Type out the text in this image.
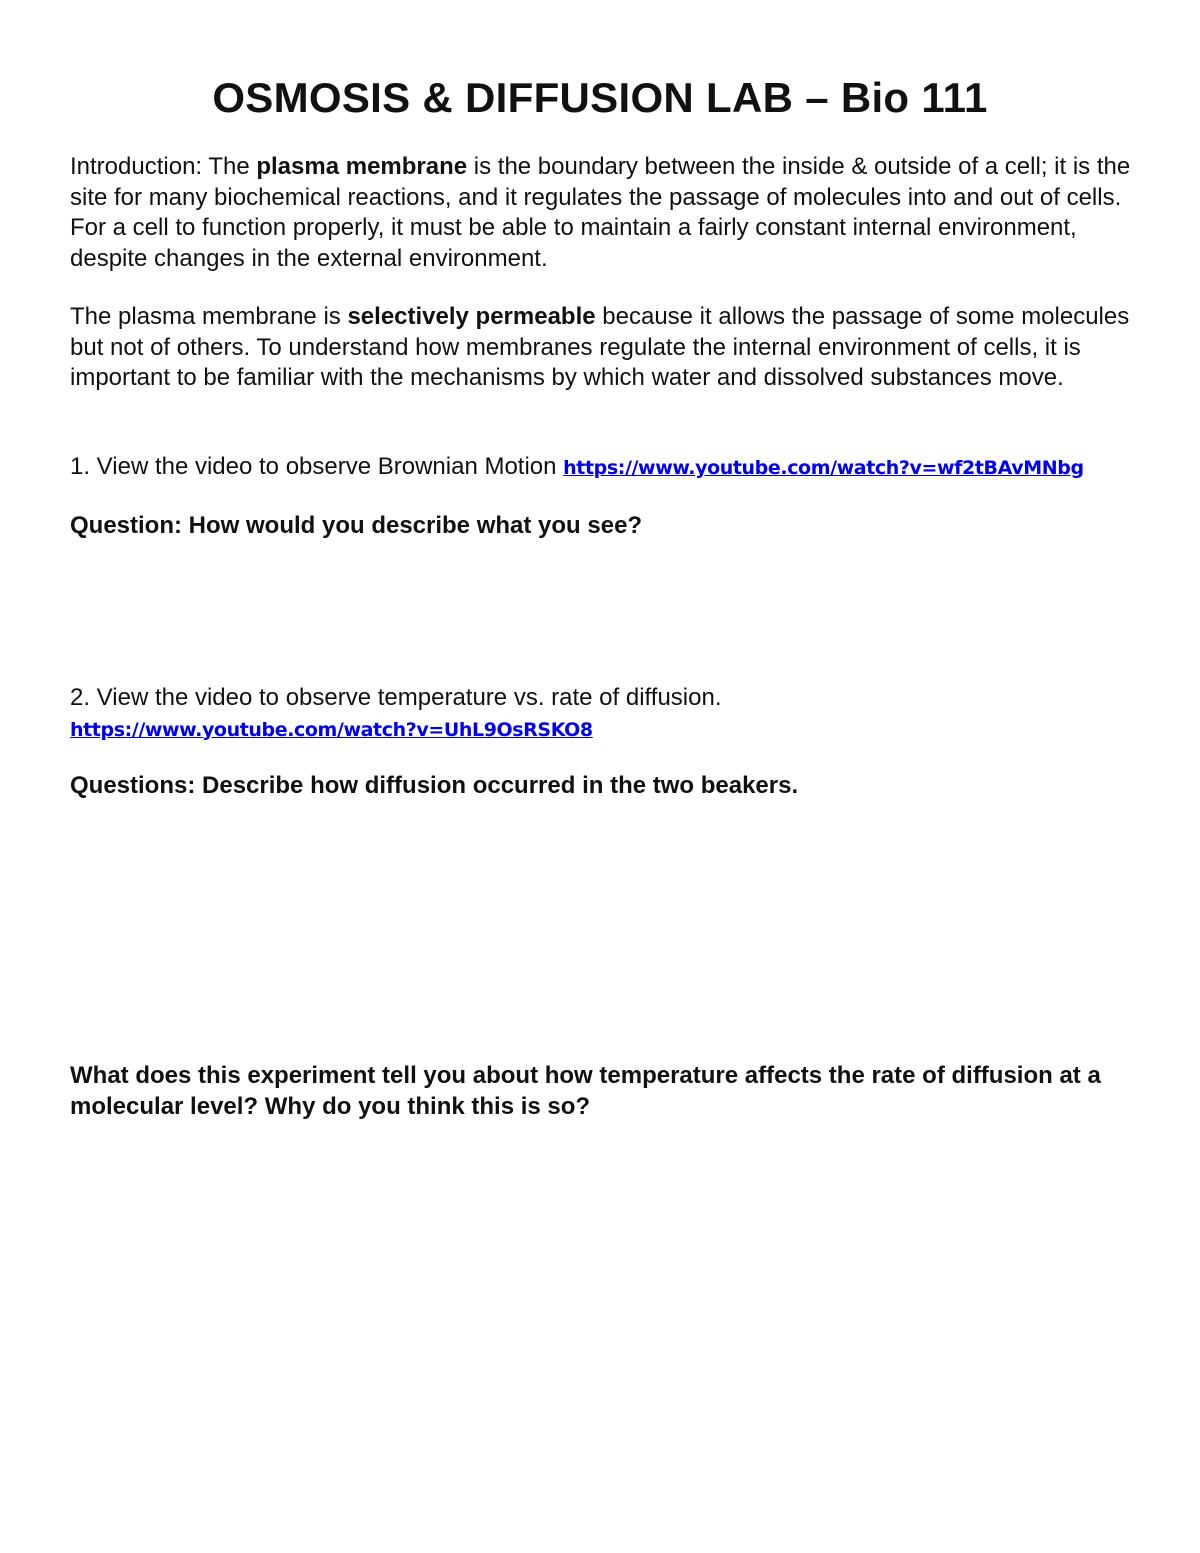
OSMOSIS & DIFFUSION LAB – Bio 111

Introduction: The plasma membrane is the boundary between the inside & outside of a cell; it is the site for many biochemical reactions, and it regulates the passage of molecules into and out of cells. For a cell to function properly, it must be able to maintain a fairly constant internal environment, despite changes in the external environment.

The plasma membrane is selectively permeable because it allows the passage of some molecules but not of others. To understand how membranes regulate the internal environment of cells, it is important to be familiar with the mechanisms by which water and dissolved substances move.

1. View the video to observe Brownian Motion https://www.youtube.com/watch?v=wf2tBAvMNbg

Question: How would you describe what you see?

2. View the video to observe temperature vs. rate of diffusion.
https://www.youtube.com/watch?v=UhL9OsRSKO8

Questions: Describe how diffusion occurred in the two beakers.

What does this experiment tell you about how temperature affects the rate of diffusion at a molecular level? Why do you think this is so?
